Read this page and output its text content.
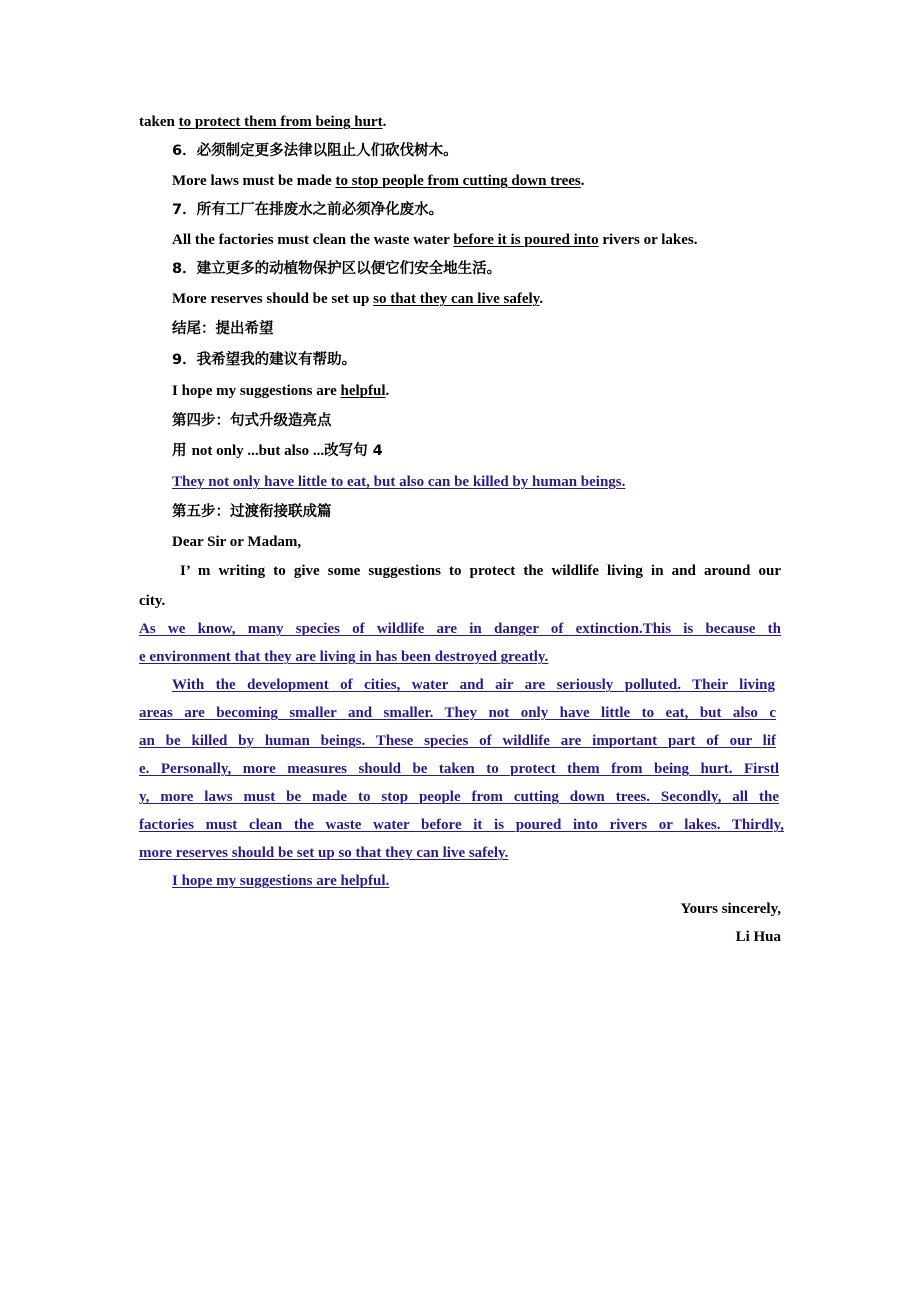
taken to protect them from being hurt.
6．必须制定更多法律以阻止人们砍伐树木。
More laws must be made to stop people from cutting down trees.
7．所有工厂在排废水之前必须净化废水。
All the factories must clean the waste water before it is poured into rivers or lakes.
8．建立更多的动植物保护区以便它们安全地生活。
More reserves should be set up so that they can live safely.
结尾：提出希望
9．我希望我的建议有帮助。
I hope my suggestions are helpful.
第四步：句式升级造亮点
用 not only ...but also ...改写句 4
They not only have little to eat, but also can be killed by human beings.
第五步：过渡衔接联成篇
Dear Sir or Madam,
I’ m writing to give some suggestions to protect the wildlife living in and around our
city.
As we know, many species of wildlife are in danger of extinction.This is because th
e environment that they are living in has been destroyed greatly.
With the development of cities, water and air are seriously polluted. Their living
areas are becoming smaller and smaller. They not only have little to eat, but also c
an be killed by human beings. These species of wildlife are important part of our lif
e. Personally, more measures should be taken to protect them from being hurt. Firstl
y, more laws must be made to stop people from cutting down trees. Secondly, all the
factories must clean the waste water before it is poured into rivers or lakes. Thirdly,
more reserves should be set up so that they can live safely.
I hope my suggestions are helpful.
Yours sincerely,
Li Hua
